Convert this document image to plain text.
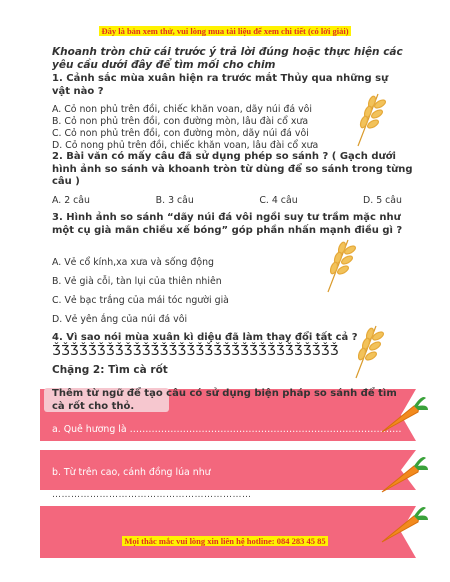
Đây là bản xem thử, vui lòng mua tài liệu để xem chi tiết (có lời giải)
Khoanh tròn chữ cái trước ý trả lời đúng hoặc thực hiện các yêu cầu dưới đây để tìm mối cho chim
1. Cảnh sắc mùa xuân hiện ra trước mắt Thủy qua những sự vật nào ?
A. Cỏ non phủ trên đồi, chiếc khăn voan, dãy núi đá vôi
B. Cỏ non phủ trên đồi, con đường mòn, lâu đài cổ xưa
C. Cỏ non phủ trên đồi, con đường mòn, dãy núi đá vôi
D. Cỏ nong phủ trên đồi, chiếc khăn voan, lâu đài cổ xưa
2. Bài văn có mấy câu đã sử dụng phép so sánh ? ( Gạch dưới hình ảnh so sánh và khoanh tròn từ dùng để so sánh trong từng câu )
A. 2 câu	B. 3 câu	C. 4 câu	D. 5 câu
3. Hình ảnh so sánh “dãy núi đá vôi ngồi suy tư trầm mặc như một cụ già mãn chiều xế bóng” góp phần nhấn mạnh điều gì ?
A. Vẻ cổ kính,xa xưa và sống động
B. Vẻ già cỗi, tàn lụi của thiên nhiên
C. Vẻ bạc trắng của mái tóc người già
D. Vẻ yên ắng của núi đá vôi
4. Vì sao nói mùa xuân kì diệu đã làm thay đổi tất cả ?
ǮǮǮǮǮǮǮǮǮǮǮǮǮǮǮǮǮǮǮǮǮǮǮǮǮǮǮǮǮǮǮǮ
Chặng 2: Tìm cà rốt
Thêm từ ngữ để tạo câu có sử dụng biện pháp so sánh để tìm cà rốt cho thỏ.
a. Quê hương là ……………………………………………………………………………
b. Từ trên cao, cánh đồng lúa như
………………………………………………………
Mọi thắc mắc vui lòng xin liên hệ hotline: 084 283 45 85
